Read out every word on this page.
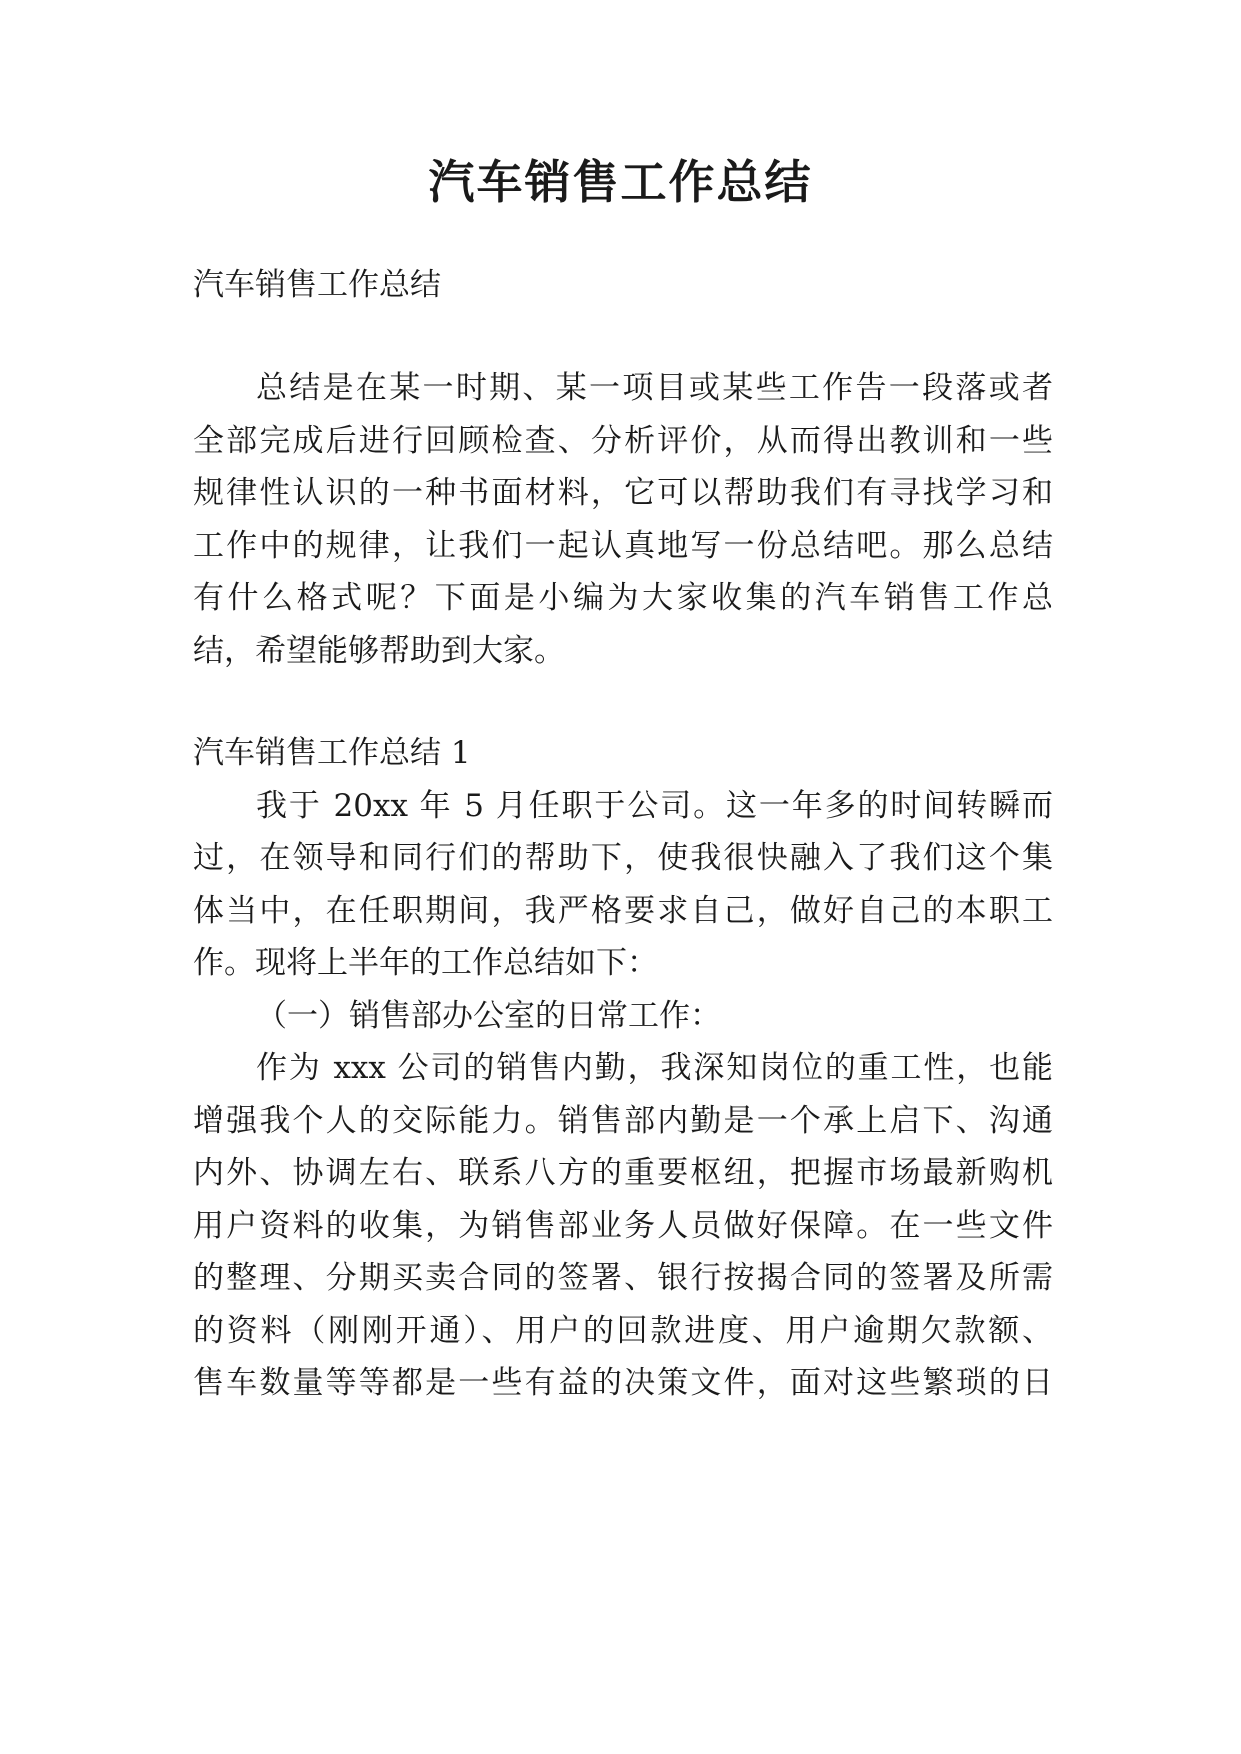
汽车销售工作总结
汽车销售工作总结
总结是在某一时期、某一项目或某些工作告一段落或者
全部完成后进行回顾检查、分析评价，从而得出教训和一些
规律性认识的一种书面材料，它可以帮助我们有寻找学习和
工作中的规律，让我们一起认真地写一份总结吧。那么总结
有什么格式呢？下面是小编为大家收集的汽车销售工作总
结，希望能够帮助到大家。
汽车销售工作总结 1
我于 20xx 年 5 月任职于公司。这一年多的时间转瞬而
过，在领导和同行们的帮助下，使我很快融入了我们这个集
体当中，在任职期间，我严格要求自己，做好自己的本职工
作。现将上半年的工作总结如下：
（一）销售部办公室的日常工作：
作为 xxx 公司的销售内勤，我深知岗位的重工性，也能
增强我个人的交际能力。销售部内勤是一个承上启下、沟通
内外、协调左右、联系八方的重要枢纽，把握市场最新购机
用户资料的收集，为销售部业务人员做好保障。在一些文件
的整理、分期买卖合同的签署、银行按揭合同的签署及所需
的资料（刚刚开通）、用户的回款进度、用户逾期欠款额、
售车数量等等都是一些有益的决策文件，面对这些繁琐的日
